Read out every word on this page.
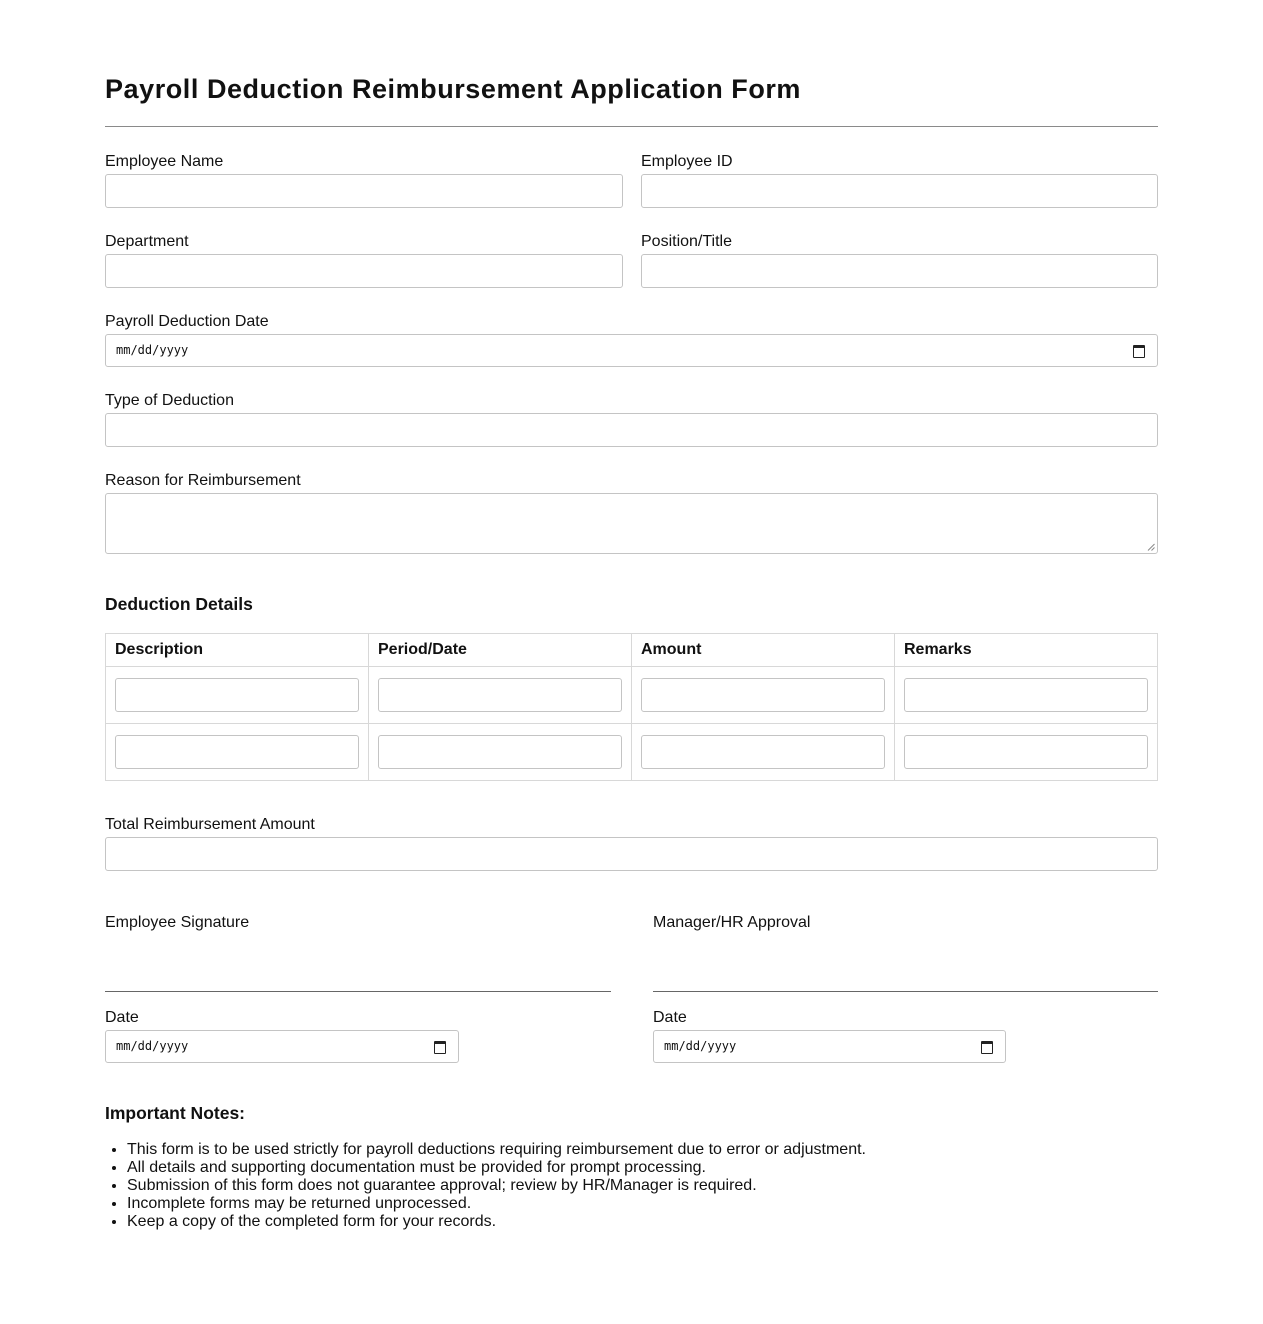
Payroll Deduction Reimbursement Application Form
Employee Name	Employee ID
Department	Position/Title
Payroll Deduction Date
mm/dd/yyyy
Type of Deduction
Reason for Reimbursement
Deduction Details
Description	Period/Date	Amount	Remarks

Total Reimbursement Amount
Employee Signature	Manager/HR Approval
Date
mm/dd/yyyy
Date
mm/dd/yyyy
Important Notes:
• This form is to be used strictly for payroll deductions requiring reimbursement due to error or adjustment.
• All details and supporting documentation must be provided for prompt processing.
• Submission of this form does not guarantee approval; review by HR/Manager is required.
• Incomplete forms may be returned unprocessed.
• Keep a copy of the completed form for your records.
